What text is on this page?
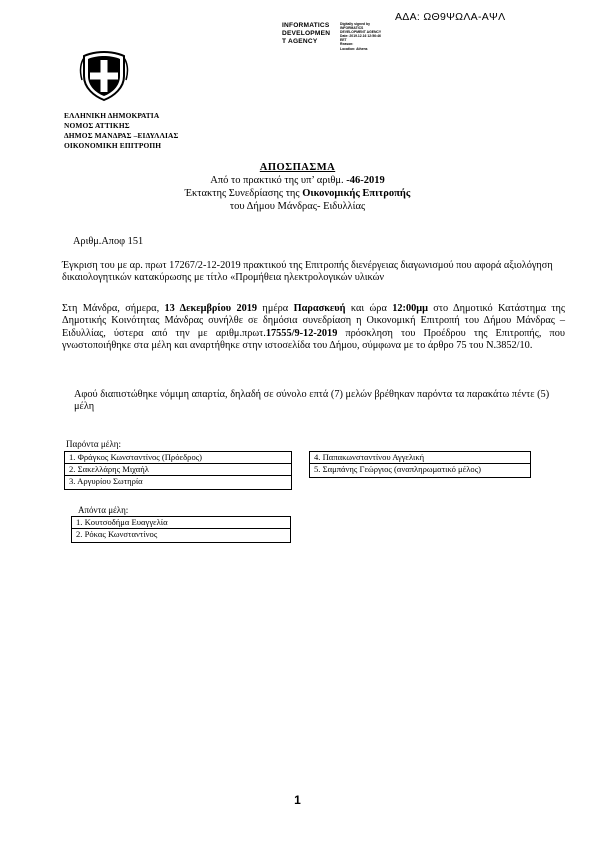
ΑΔΑ: ΩΘ9ΨΩΛΑ-ΑΨΛ
INFORMATICS
DEVELOPMEN
T AGENCY
Digitally signed by
INFORMATICS
DEVELOPMENT AGENCY
Date: 2019.12.16 12:56:46
EET
Reason:
Location: Athens
ΕΛΛΗΝΙΚΗ ΔΗΜΟΚΡΑΤΙΑ
ΝΟΜΟΣ ΑΤΤΙΚΗΣ
ΔΗΜΟΣ ΜΑΝΔΡΑΣ –ΕΙΔΥΛΛΙΑΣ
ΟΙΚΟΝΟΜΙΚΗ ΕΠΙΤΡΟΠΗ
ΑΠΟΣΠΑΣΜΑ
Από το πρακτικό της υπ’ αριθμ. -46-2019
Έκτακτης Συνεδρίασης της Οικονομικής Επιτροπής
του Δήμου Μάνδρας- Ειδυλλίας
Αριθμ.Αποφ 151
Έγκριση του με αρ. πρωτ 17267/2-12-2019 πρακτικού της Επιτροπής διενέργειας διαγωνισμού που αφορά αξιολόγηση δικαιολογητικών κατακύρωσης με τίτλο «Προμήθεια ηλεκτρολογικών υλικών
Στη Μάνδρα, σήμερα, 13 Δεκεμβρίου 2019 ημέρα Παρασκευή και ώρα 12:00μμ στο Δημοτικό Κατάστημα της Δημοτικής Κοινότητας Μάνδρας συνήλθε σε δημόσια συνεδρίαση η Οικονομική Επιτροπή του Δήμου Μάνδρας – Ειδυλλίας, ύστερα από την με αριθμ.πρωτ.17555/9-12-2019 πρόσκληση του Προέδρου της Επιτροπής, που γνωστοποιήθηκε στα μέλη και αναρτήθηκε στην ιστοσελίδα του Δήμου, σύμφωνα με το άρθρο 75 του Ν.3852/10.
Αφού διαπιστώθηκε νόμιμη απαρτία, δηλαδή σε σύνολο επτά (7) μελών βρέθηκαν παρόντα τα παρακάτω πέντε (5) μέλη
Παρόντα μέλη:
1. Φράγκος Κωνσταντίνος (Πρόεδρος)
2. Σακελλάρης Μιχαήλ
3. Αργυρίου Σωτηρία
4. Παπακωνσταντίνου Αγγελική
5. Σαμπάνης Γεώργιος (αναπληρωματικό μέλος)
Απόντα μέλη:
1. Κουτσοδήμα Ευαγγελία
2. Ρόκας Κωνσταντίνος
1
